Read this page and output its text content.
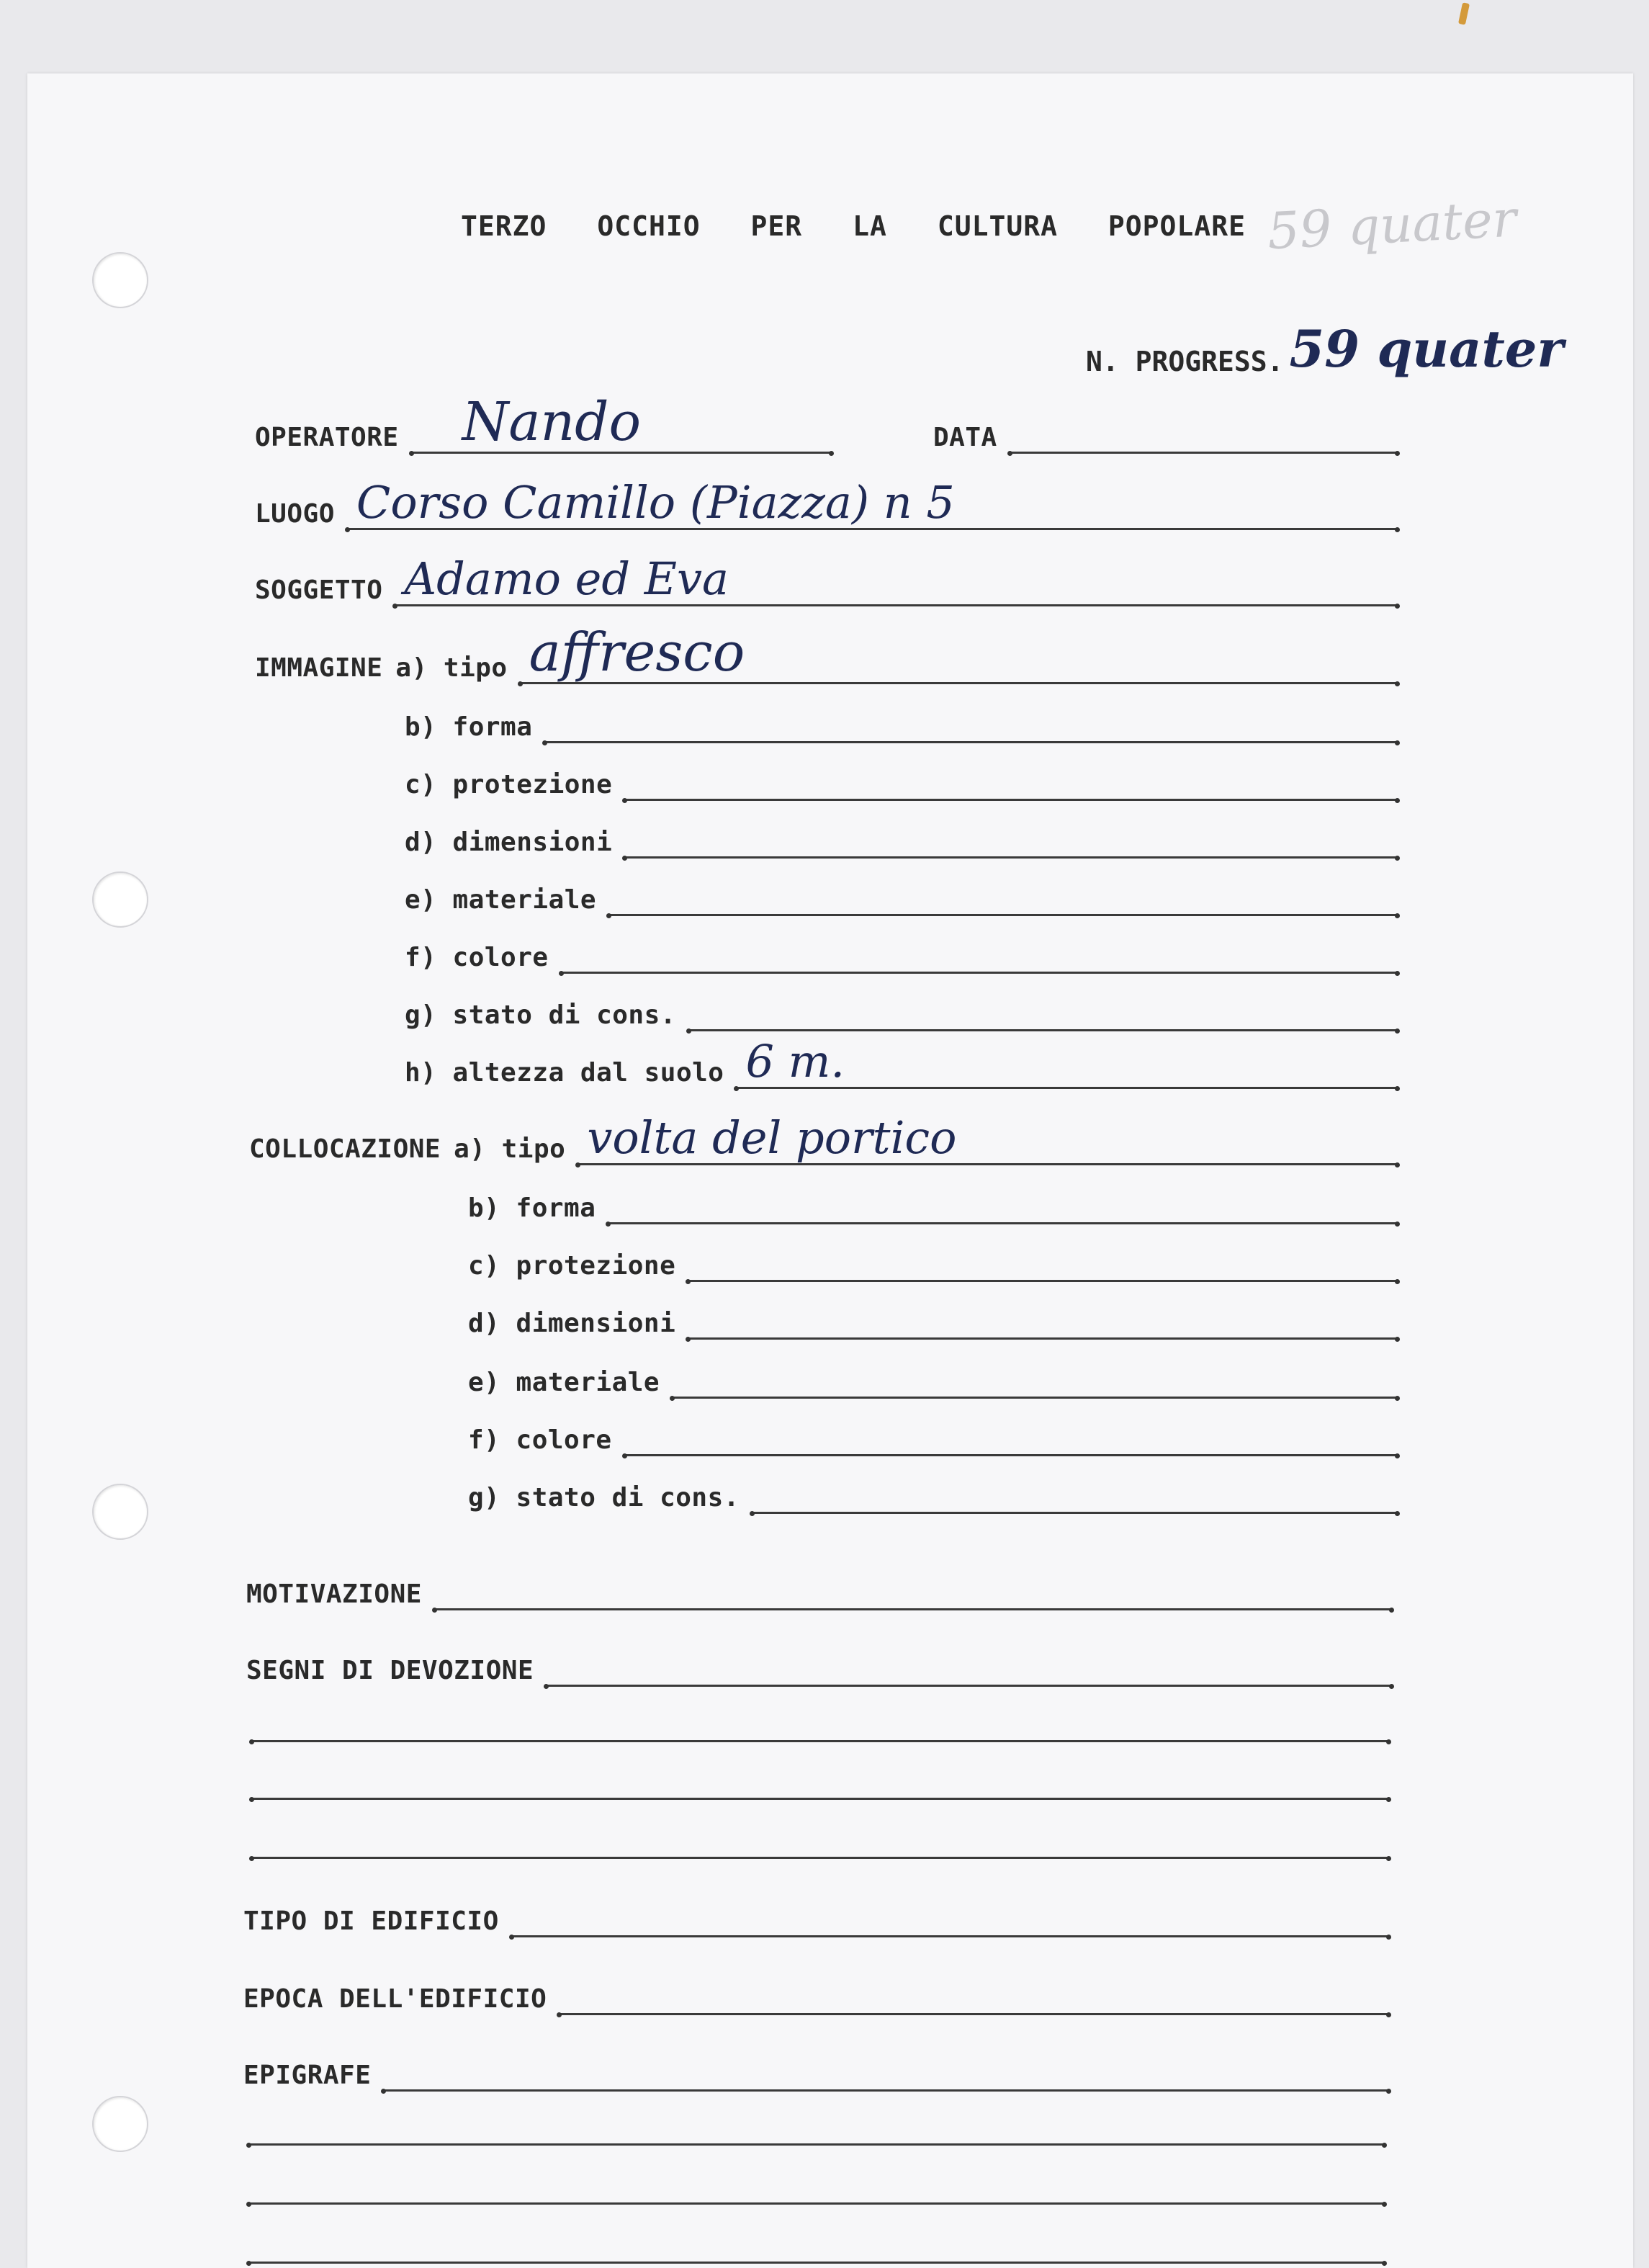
59 quater
TERZO OCCHIO PER LA CULTURA POPOLARE
N. PROGRESS. 59 quater
OPERATORE	Nando	DATA
LUOGO Corso Camillo (Piazza) n 5
SOGGETTO Adamo ed Eva
IMMAGINE a) tipo affresco
b) forma
c) protezione
d) dimensioni
e) materiale
f) colore
g) stato di cons.
h) altezza dal suolo 6 m.
COLLOCAZIONE a) tipo volta del portico
b) forma
c) protezione
d) dimensioni
e) materiale
f) colore
g) stato di cons.
MOTIVAZIONE
SEGNI DI DEVOZIONE
TIPO DI EDIFICIO
EPOCA DELL'EDIFICIO
EPIGRAFE
